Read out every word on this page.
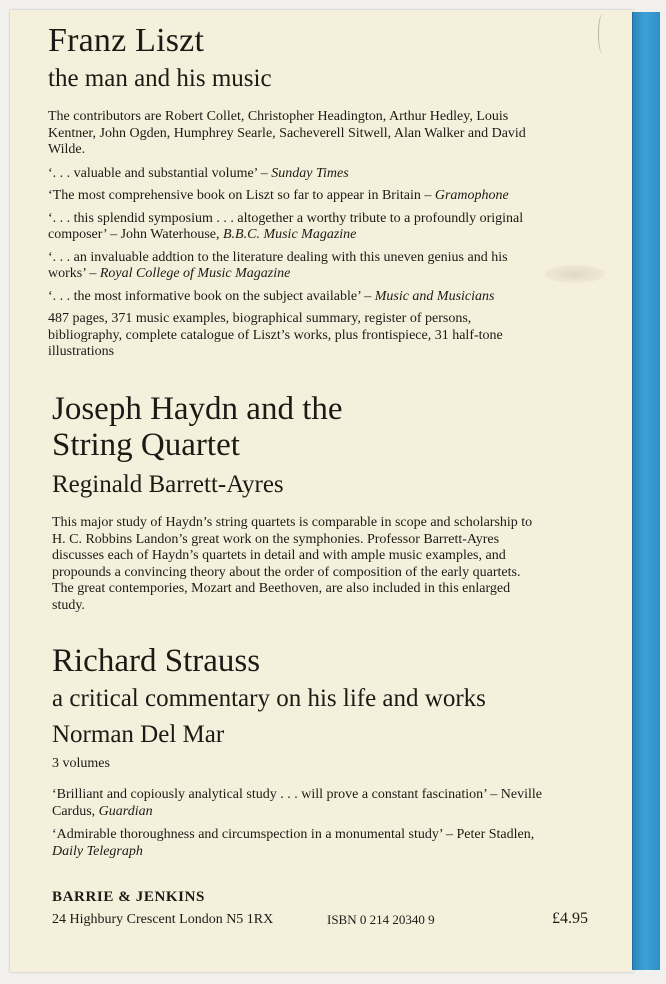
Franz Liszt
the man and his music

The contributors are Robert Collet, Christopher Headington, Arthur Hedley, Louis Kentner, John Ogden, Humphrey Searle, Sacheverell Sitwell, Alan Walker and David Wilde.

‘. . . valuable and substantial volume’ – Sunday Times

‘The most comprehensive book on Liszt so far to appear in Britain – Gramophone

‘. . . this splendid symposium . . . altogether a worthy tribute to a profoundly original composer’ – John Waterhouse, B.B.C. Music Magazine

‘. . . an invaluable addtion to the literature dealing with this uneven genius and his works’ – Royal College of Music Magazine

‘. . . the most informative book on the subject available’ – Music and Musicians

487 pages, 371 music examples, biographical summary, register of persons, bibliography, complete catalogue of Liszt’s works, plus frontispiece, 31 half-tone illustrations

Joseph Haydn and the
String Quartet
Reginald Barrett-Ayres
This major study of Haydn’s string quartets is comparable in scope and scholarship to H. C. Robbins Landon’s great work on the symphonies. Professor Barrett-Ayres discusses each of Haydn’s quartets in detail and with ample music examples, and propounds a convincing theory about the order of composition of the early quartets. The great contempories, Mozart and Beethoven, are also included in this enlarged study.
Richard Strauss
a critical commentary on his life and works
Norman Del Mar
3 volumes

‘Brilliant and copiously analytical study . . . will prove a constant fascination’ – Neville Cardus, Guardian

‘Admirable thoroughness and circumspection in a monumental study’ – Peter Stadlen, Daily Telegraph

BARRIE & JENKINS
24 Highbury Crescent London N5 1RX	ISBN 0 214 20340 9	£4.95
